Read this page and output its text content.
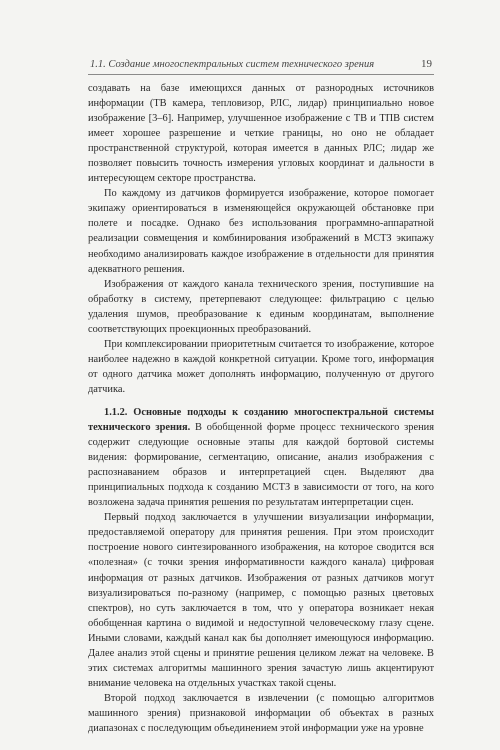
1.1. Создание многоспектральных систем технического зрения	19

создавать на базе имеющихся данных от разнородных источников информации (ТВ камера, тепловизор, РЛС, лидар) принципиально новое изображение [3–6]. Например, улучшенное изображение с ТВ и ТПВ систем имеет хорошее разрешение и четкие границы, но оно не обладает пространственной структурой, которая имеется в данных РЛС; лидар же позволяет повысить точность измерения угловых координат и дальности в интересующем секторе пространства.

По каждому из датчиков формируется изображение, которое помогает экипажу ориентироваться в изменяющейся окружающей обстановке при полете и посадке. Однако без использования программно-аппаратной реализации совмещения и комбинирования изображений в МСТЗ экипажу необходимо анализировать каждое изображение в отдельности для принятия адекватного решения.

Изображения от каждого канала технического зрения, поступившие на обработку в систему, претерпевают следующее: фильтрацию с целью удаления шумов, преобразование к единым координатам, выполнение соответствующих проекционных преобразований.

При комплексировании приоритетным считается то изображение, которое наиболее надежно в каждой конкретной ситуации. Кроме того, информация от одного датчика может дополнять информацию, полученную от другого датчика.

1.1.2. Основные подходы к созданию многоспектральной системы технического зрения. В обобщенной форме процесс технического зрения содержит следующие основные этапы для каждой бортовой системы видения: формирование, сегментацию, описание, анализ изображения с распознаванием образов и интерпретацией сцен. Выделяют два принципиальных подхода к созданию МСТЗ в зависимости от того, на кого возложена задача принятия решения по результатам интерпретации сцен.

Первый подход заключается в улучшении визуализации информации, предоставляемой оператору для принятия решения. При этом происходит построение нового синтезированного изображения, на которое сводится вся «полезная» (с точки зрения информативности каждого канала) цифровая информация от разных датчиков. Изображения от разных датчиков могут визуализироваться по-разному (например, с помощью разных цветовых спектров), но суть заключается в том, что у оператора возникает некая обобщенная картина о видимой и недоступной человеческому глазу сцене. Иными словами, каждый канал как бы дополняет имеющуюся информацию. Далее анализ этой сцены и принятие решения целиком лежат на человеке. В этих системах алгоритмы машинного зрения зачастую лишь акцентируют внимание человека на отдельных участках такой сцены.

Второй подход заключается в извлечении (с помощью алгоритмов машинного зрения) признаковой информации об объектах в разных диапазонах с последующим объединением этой информации уже на уровне
